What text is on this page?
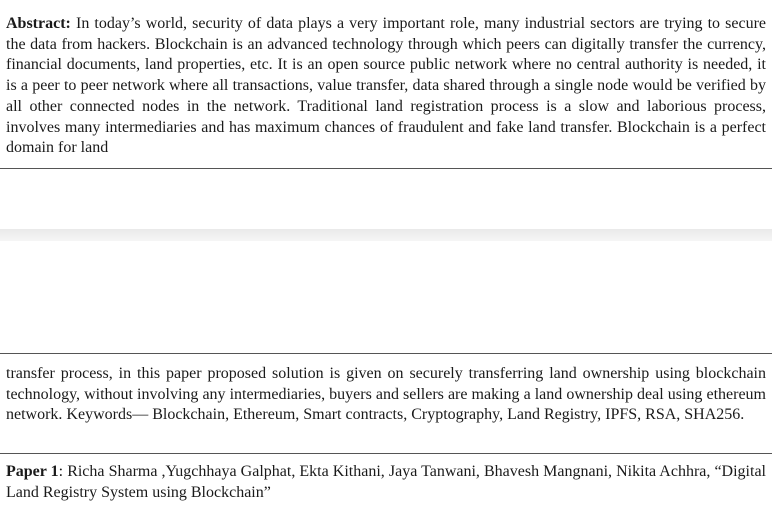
Abstract: In today’s world, security of data plays a very important role, many industrial sectors are trying to secure the data from hackers. Blockchain is an advanced technology through which peers can digitally transfer the currency, financial documents, land properties, etc. It is an open source public network where no central authority is needed, it is a peer to peer network where all transactions, value transfer, data shared through a single node would be verified by all other connected nodes in the network. Traditional land registration process is a slow and laborious process, involves many intermediaries and has maximum chances of fraudulent and fake land transfer. Blockchain is a perfect domain for land
transfer process, in this paper proposed solution is given on securely transferring land ownership using blockchain technology, without involving any intermediaries, buyers and sellers are making a land ownership deal using ethereum network. Keywords— Blockchain, Ethereum, Smart contracts, Cryptography, Land Registry, IPFS, RSA, SHA256.
Paper 1: Richa Sharma ,Yugchhaya Galphat, Ekta Kithani, Jaya Tanwani, Bhavesh Mangnani, Nikita Achhra, “Digital Land Registry System using Blockchain”
